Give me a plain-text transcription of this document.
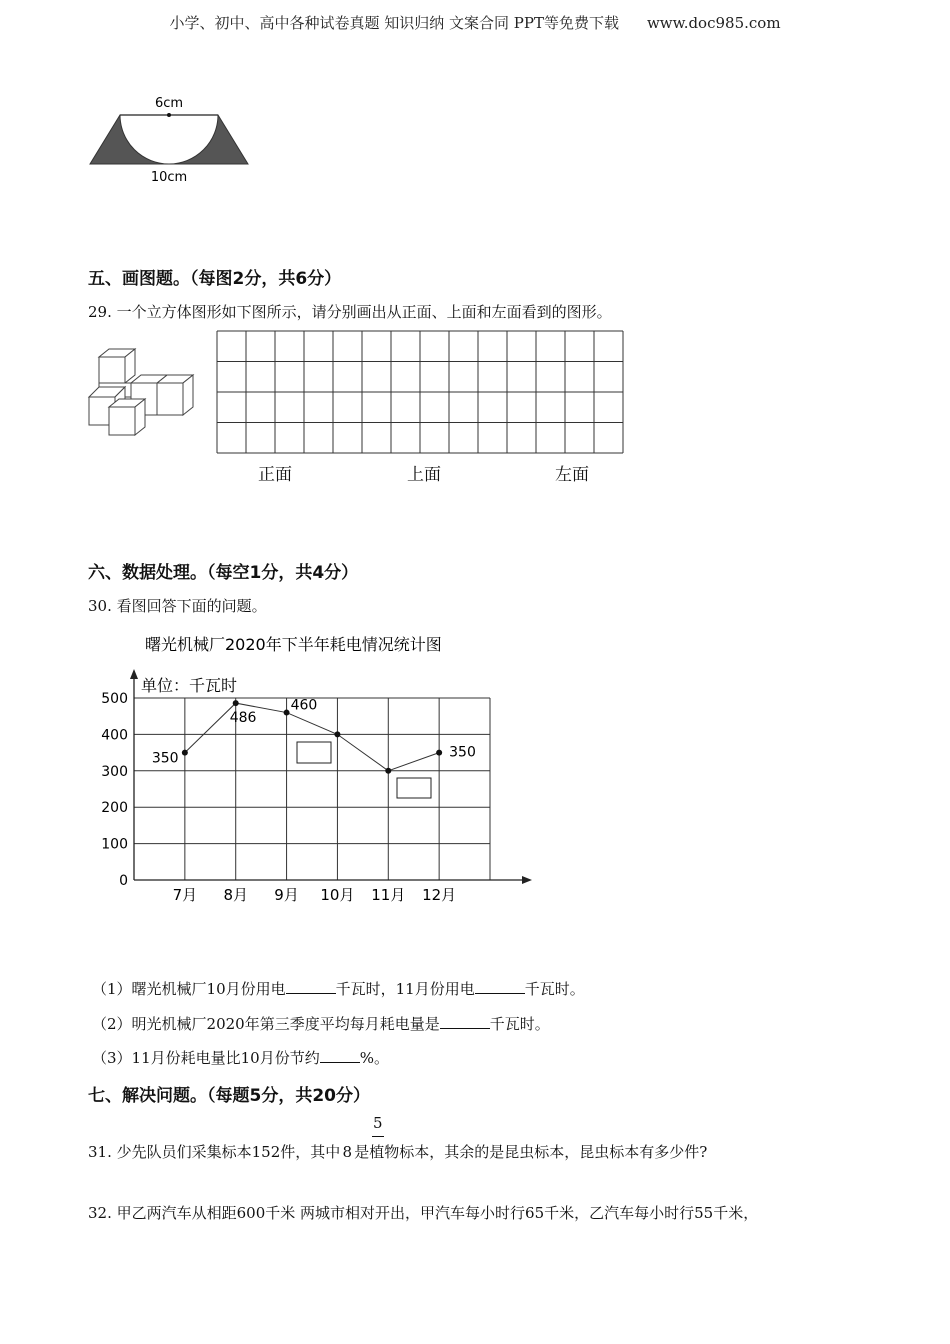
小学、初中、高中各种试卷真题 知识归纳 文案合同 PPT等免费下载 www.doc985.com
6cm
10cm
五、画图题。（每图2分，共6分）
29. 一个立方体图形如下图所示，请分别画出从正面、上面和左面看到的图形。
正面	上面	左面
六、数据处理。（每空1分，共4分）
30. 看图回答下面的问题。
曙光机械厂2020年下半年耗电情况统计图
单位：千瓦时
0
100
200
300
400
500
350
486
460
350
7月 8月 9月 10月 11月 12月
（1）曙光机械厂10月份用电	千瓦时，11月份用电	千瓦时。
（2）明光机械厂2020年第三季度平均每月耗电量是	千瓦时。
（3）11月份耗电量比10月份节约	%。
七、解决问题。（每题5分，共20分）
5
31. 少先队员们采集标本152件，其中 8 是植物标本，其余的是昆虫标本，昆虫标本有多少件?
32. 甲乙两汽车从相距600千米 两城市相对开出，甲汽车每小时行65千米，乙汽车每小时行55千米，
